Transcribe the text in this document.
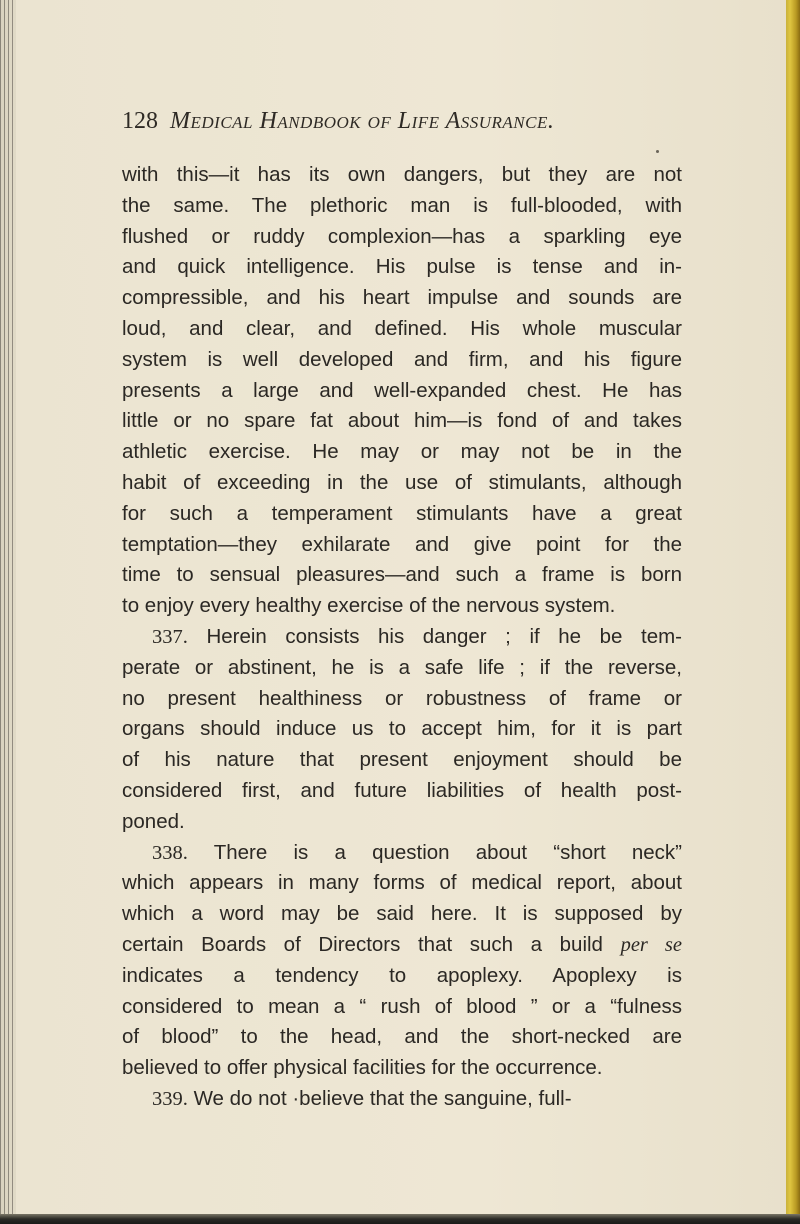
128 Medical Handbook of Life Assurance.
with this—it has its own dangers, but they are not
the same. The plethoric man is full-blooded, with
flushed or ruddy complexion—has a sparkling eye
and quick intelligence. His pulse is tense and in-
compressible, and his heart impulse and sounds are
loud, and clear, and defined. His whole muscular
system is well developed and firm, and his figure
presents a large and well-expanded chest. He has
little or no spare fat about him—is fond of and takes
athletic exercise. He may or may not be in the
habit of exceeding in the use of stimulants, although
for such a temperament stimulants have a great
temptation—they exhilarate and give point for the
time to sensual pleasures—and such a frame is born
to enjoy every healthy exercise of the nervous system.
337. Herein consists his danger ; if he be tem-
perate or abstinent, he is a safe life ; if the reverse,
no present healthiness or robustness of frame or
organs should induce us to accept him, for it is part
of his nature that present enjoyment should be
considered first, and future liabilities of health post-
poned.
338. There is a question about “short neck”
which appears in many forms of medical report, about
which a word may be said here. It is supposed by
certain Boards of Directors that such a build per se
indicates a tendency to apoplexy. Apoplexy is
considered to mean a “ rush of blood ” or a “fulness
of blood” to the head, and the short-necked are
believed to offer physical facilities for the occurrence.
339. We do not ·believe that the sanguine, full-
